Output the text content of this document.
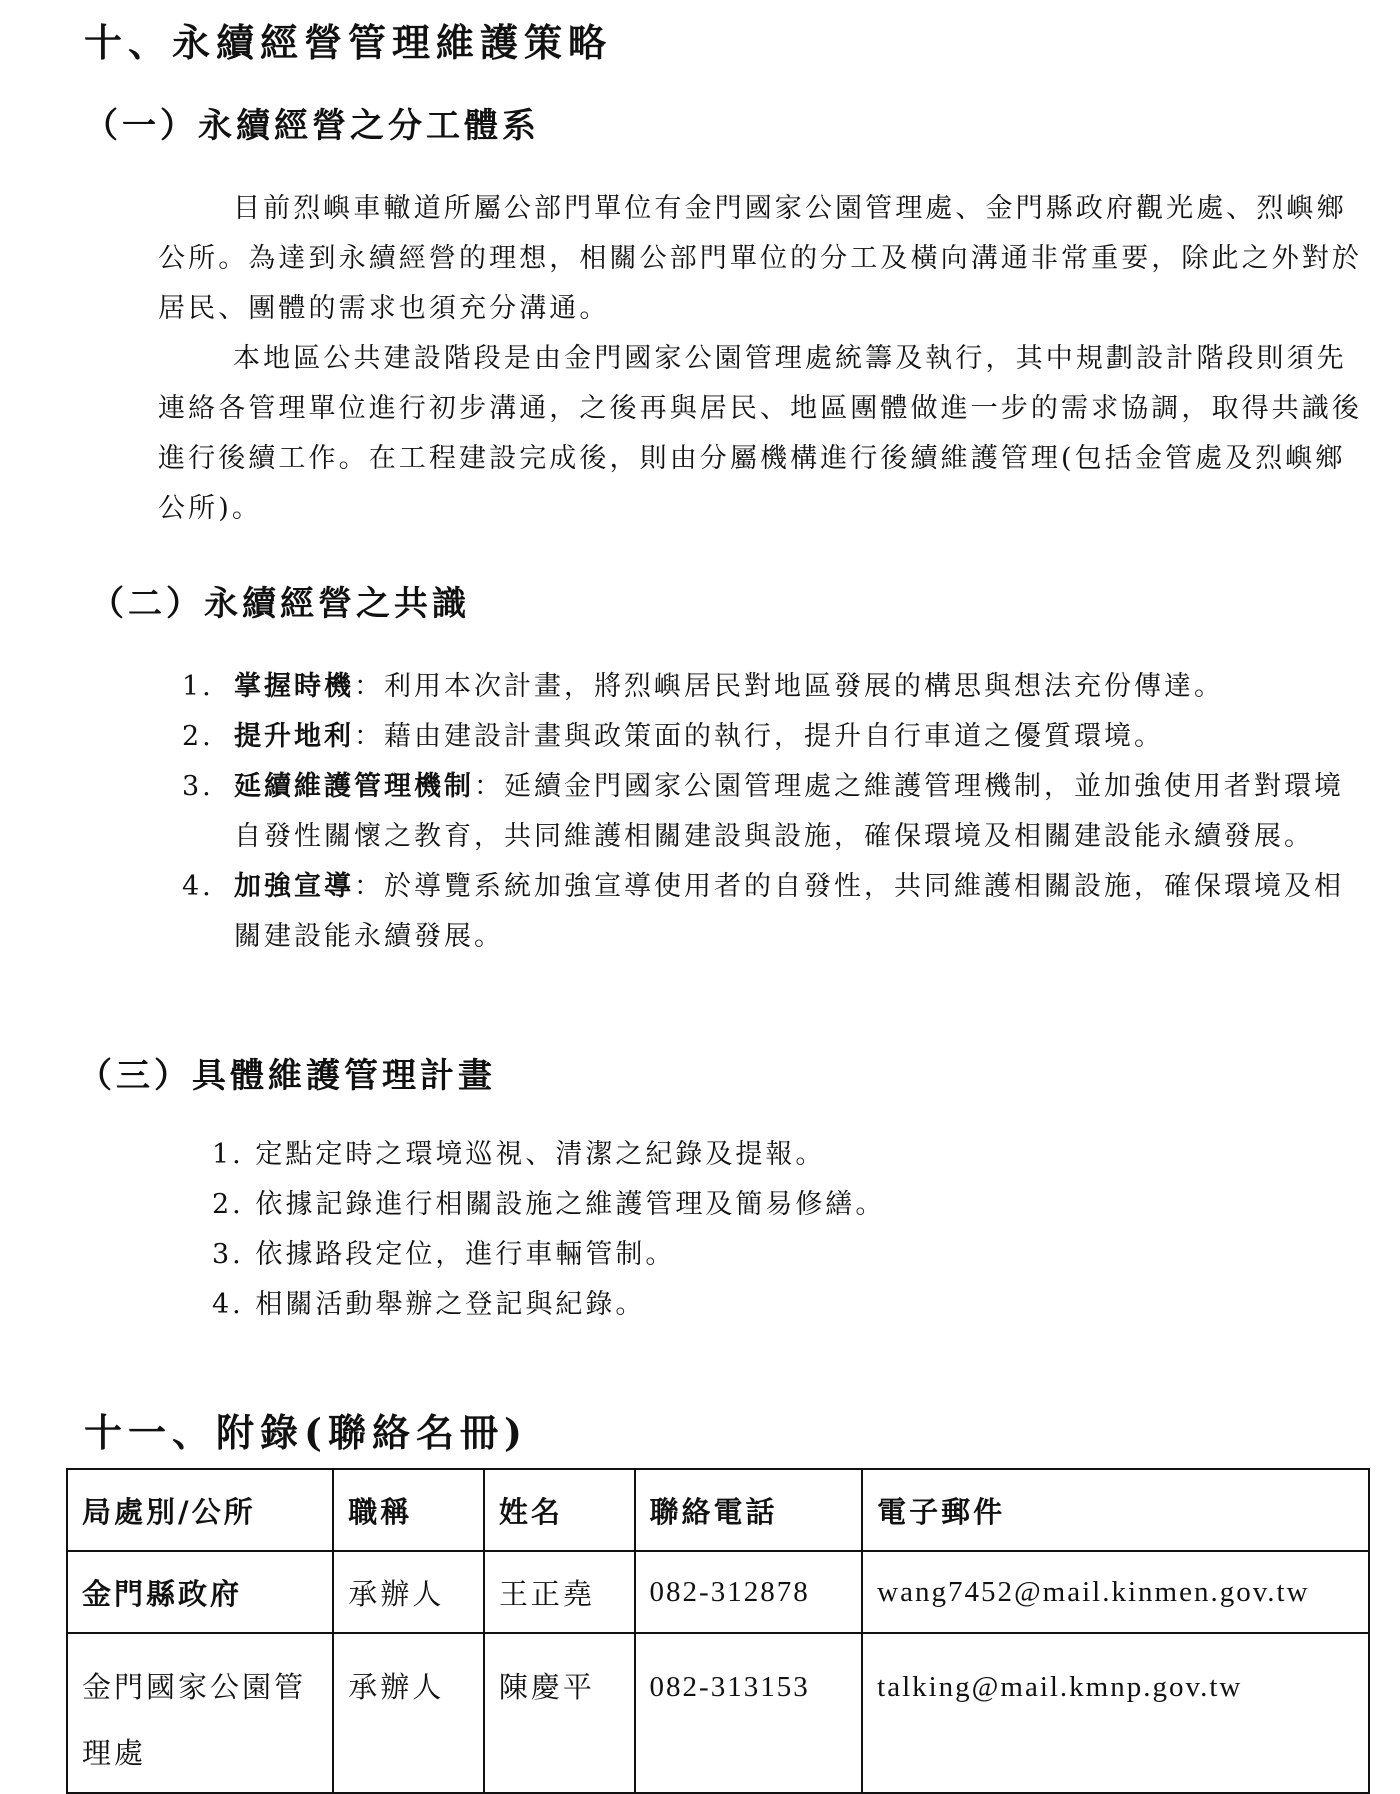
十、永續經營管理維護策略
（一）永續經營之分工體系

目前烈嶼車轍道所屬公部門單位有金門國家公園管理處、金門縣政府觀光處、烈嶼鄉公所。為達到永續經營的理想，相關公部門單位的分工及橫向溝通非常重要，除此之外對於居民、團體的需求也須充分溝通。

本地區公共建設階段是由金門國家公園管理處統籌及執行，其中規劃設計階段則須先連絡各管理單位進行初步溝通，之後再與居民、地區團體做進一步的需求協調，取得共識後進行後續工作。在工程建設完成後，則由分屬機構進行後續維護管理(包括金管處及烈嶼鄉公所)。

（二）永續經營之共識
1. 掌握時機：利用本次計畫，將烈嶼居民對地區發展的構思與想法充份傳達。
2. 提升地利：藉由建設計畫與政策面的執行，提升自行車道之優質環境。
3. 延續維護管理機制：延續金門國家公園管理處之維護管理機制，並加強使用者對環境自發性關懷之教育，共同維護相關建設與設施，確保環境及相關建設能永續發展。
4. 加強宣導：於導覽系統加強宣導使用者的自發性，共同維護相關設施，確保環境及相關建設能永續發展。
（三）具體維護管理計畫
1. 定點定時之環境巡視、清潔之紀錄及提報。
2. 依據記錄進行相關設施之維護管理及簡易修繕。
3. 依據路段定位，進行車輛管制。
4. 相關活動舉辦之登記與紀錄。
十一、附錄(聯絡名冊)
局處別/公所	職稱	姓名	聯絡電話	電子郵件
金門縣政府	承辦人	王正堯	082-312878	wang7452@mail.kinmen.gov.tw
金門國家公園管理處	承辦人	陳慶平	082-313153	talking@mail.kmnp.gov.tw
